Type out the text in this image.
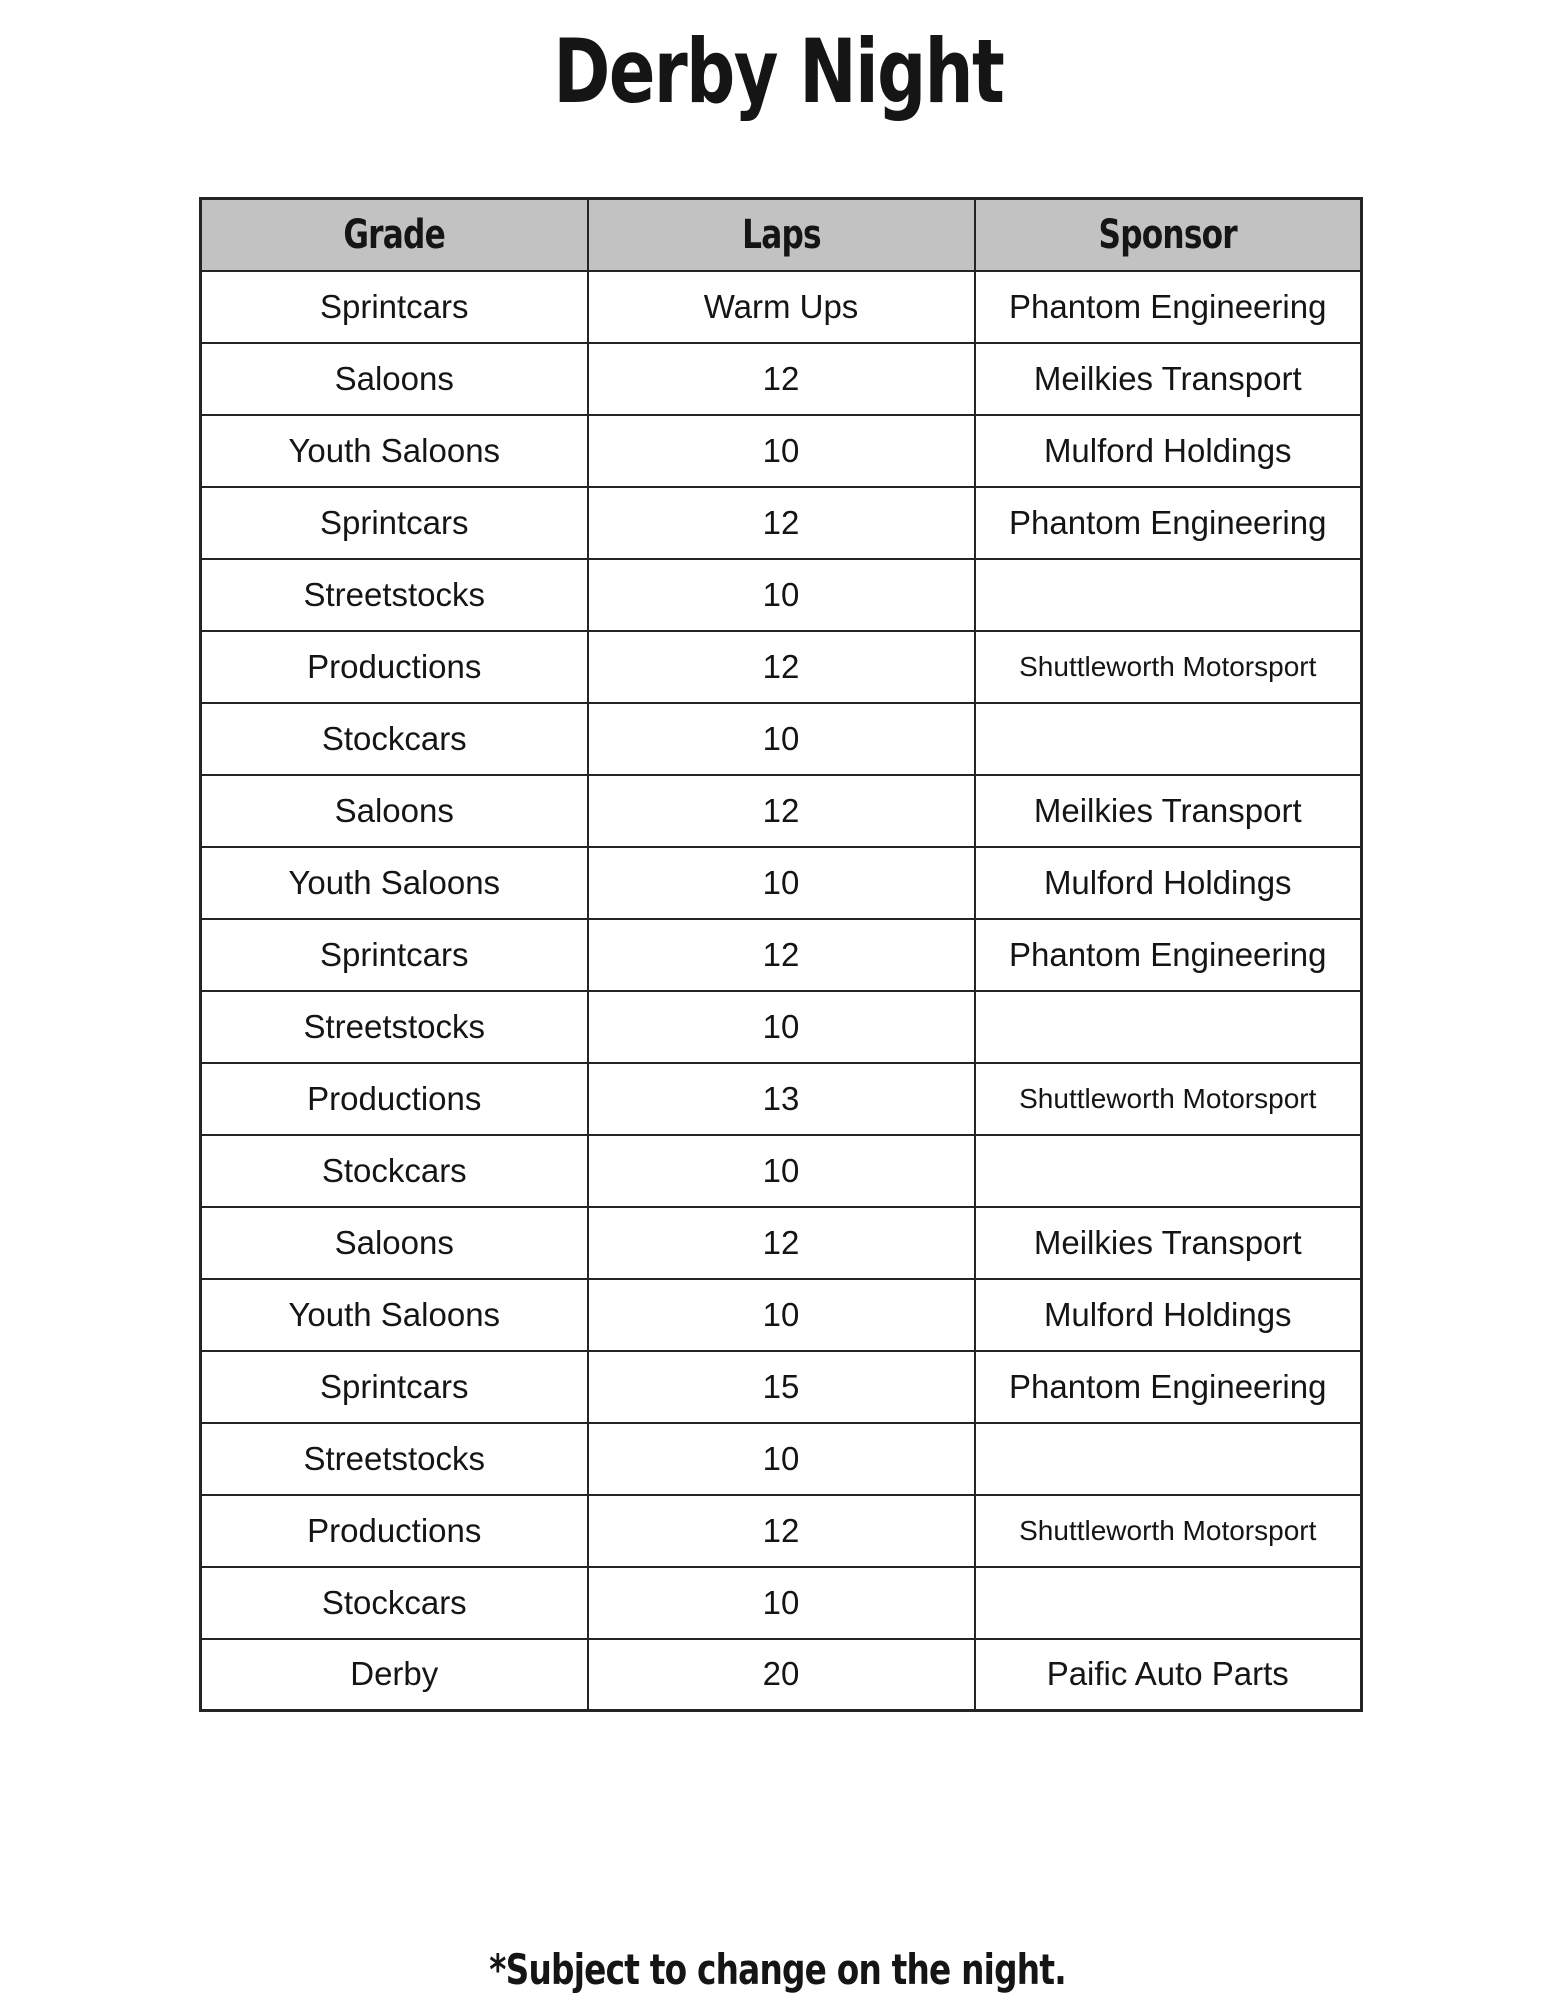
Derby Night
Grade	Laps	Sponsor
Sprintcars	Warm Ups	Phantom Engineering
Saloons	12	Meilkies Transport
Youth Saloons	10	Mulford Holdings
Sprintcars	12	Phantom Engineering
Streetstocks	10	
Productions	12	Shuttleworth Motorsport
Stockcars	10	
Saloons	12	Meilkies Transport
Youth Saloons	10	Mulford Holdings
Sprintcars	12	Phantom Engineering
Streetstocks	10	
Productions	13	Shuttleworth Motorsport
Stockcars	10	
Saloons	12	Meilkies Transport
Youth Saloons	10	Mulford Holdings
Sprintcars	15	Phantom Engineering
Streetstocks	10	
Productions	12	Shuttleworth Motorsport
Stockcars	10	
Derby	20	Paific Auto Parts
*Subject to change on the night.
